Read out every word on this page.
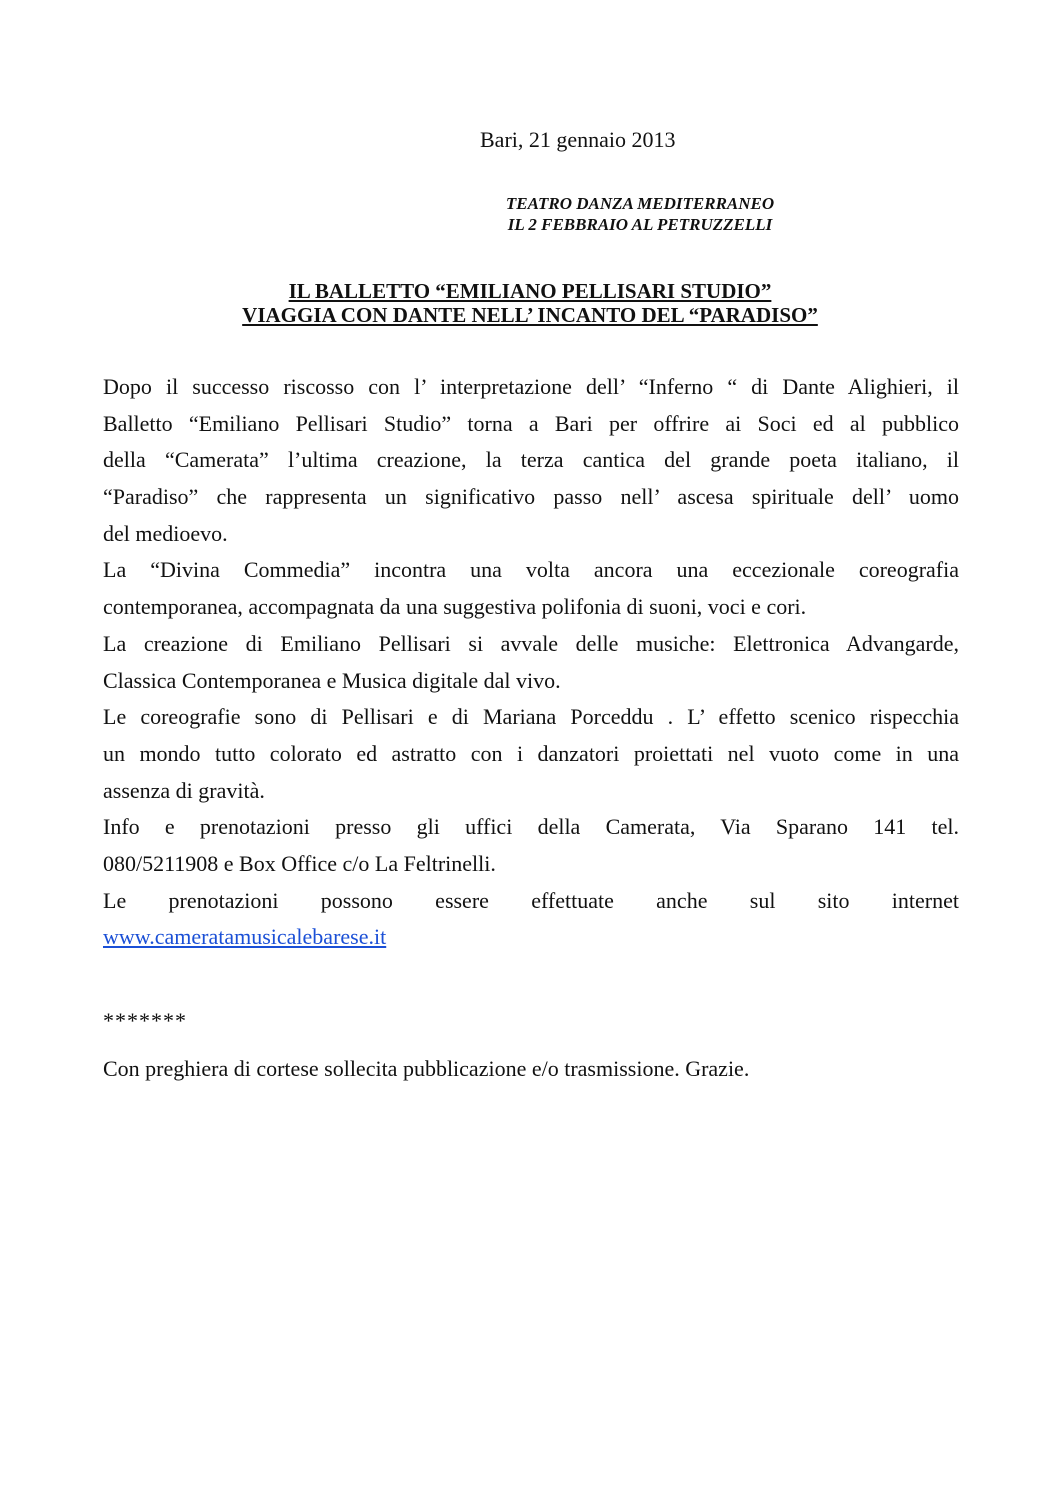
Bari, 21 gennaio 2013
TEATRO DANZA MEDITERRANEO
IL 2 FEBBRAIO AL PETRUZZELLI
IL BALLETTO “EMILIANO PELLISARI STUDIO”
VIAGGIA CON DANTE NELL’ INCANTO DEL “PARADISO”
Dopo il successo riscosso con l’ interpretazione dell’ “Inferno “ di Dante Alighieri, il
Balletto “Emiliano Pellisari Studio” torna a Bari per offrire ai Soci ed al pubblico
della “Camerata” l’ultima creazione, la terza cantica del grande poeta italiano, il
“Paradiso” che rappresenta un significativo passo nell’ ascesa spirituale dell’ uomo
del medioevo.
La “Divina Commedia” incontra una volta ancora una eccezionale coreografia
contemporanea, accompagnata da una suggestiva polifonia di suoni, voci e cori.
La creazione di Emiliano Pellisari si avvale delle musiche: Elettronica Advangarde,
Classica Contemporanea e Musica digitale dal vivo.
Le coreografie sono di Pellisari e di Mariana Porceddu . L’ effetto scenico rispecchia
un mondo tutto colorato ed astratto con i danzatori proiettati nel vuoto come in una
assenza di gravità.
Info e prenotazioni presso gli uffici della Camerata, Via Sparano 141 tel.
080/5211908 e Box Office c/o La Feltrinelli.
Le prenotazioni possono essere effettuate anche sul sito internet
www.cameratamusicalebarese.it
*******
Con preghiera di cortese sollecita pubblicazione e/o trasmissione. Grazie.
